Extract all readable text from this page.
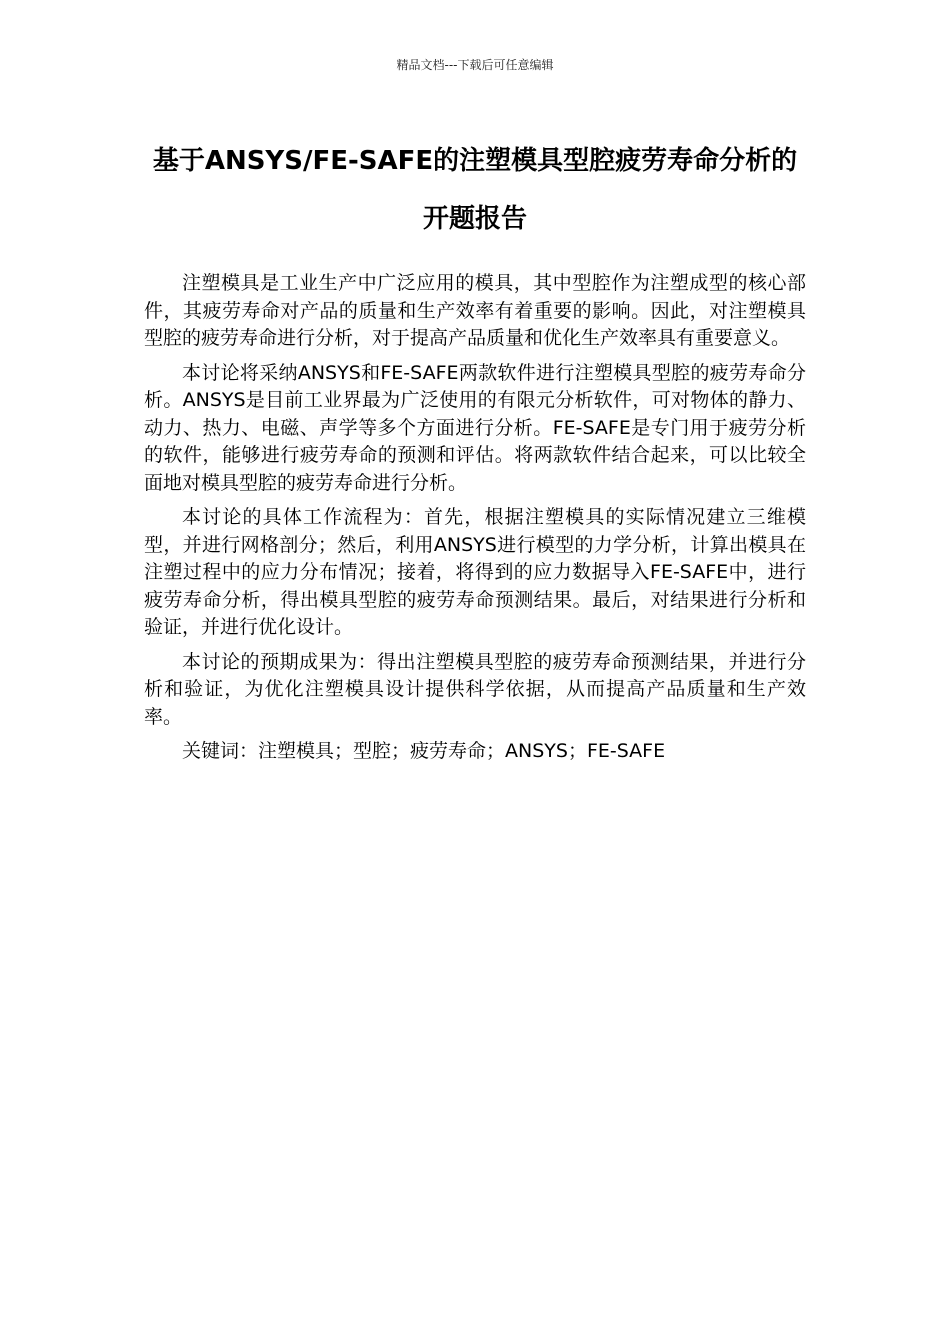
精品文档---下载后可任意编辑
基于ANSYS/FE-SAFE的注塑模具型腔疲劳寿命分析的开题报告

注塑模具是工业生产中广泛应用的模具，其中型腔作为注塑成型的核心部件，其疲劳寿命对产品的质量和生产效率有着重要的影响。因此，对注塑模具型腔的疲劳寿命进行分析，对于提高产品质量和优化生产效率具有重要意义。

本讨论将采纳ANSYS和FE-SAFE两款软件进行注塑模具型腔的疲劳寿命分析。ANSYS是目前工业界最为广泛使用的有限元分析软件，可对物体的静力、动力、热力、电磁、声学等多个方面进行分析。FE-SAFE是专门用于疲劳分析的软件，能够进行疲劳寿命的预测和评估。将两款软件结合起来，可以比较全面地对模具型腔的疲劳寿命进行分析。

本讨论的具体工作流程为：首先，根据注塑模具的实际情况建立三维模型，并进行网格剖分；然后，利用ANSYS进行模型的力学分析，计算出模具在注塑过程中的应力分布情况；接着，将得到的应力数据导入FE-SAFE中，进行疲劳寿命分析，得出模具型腔的疲劳寿命预测结果。最后，对结果进行分析和验证，并进行优化设计。

本讨论的预期成果为：得出注塑模具型腔的疲劳寿命预测结果，并进行分析和验证，为优化注塑模具设计提供科学依据，从而提高产品质量和生产效率。

关键词：注塑模具；型腔；疲劳寿命；ANSYS；FE-SAFE
